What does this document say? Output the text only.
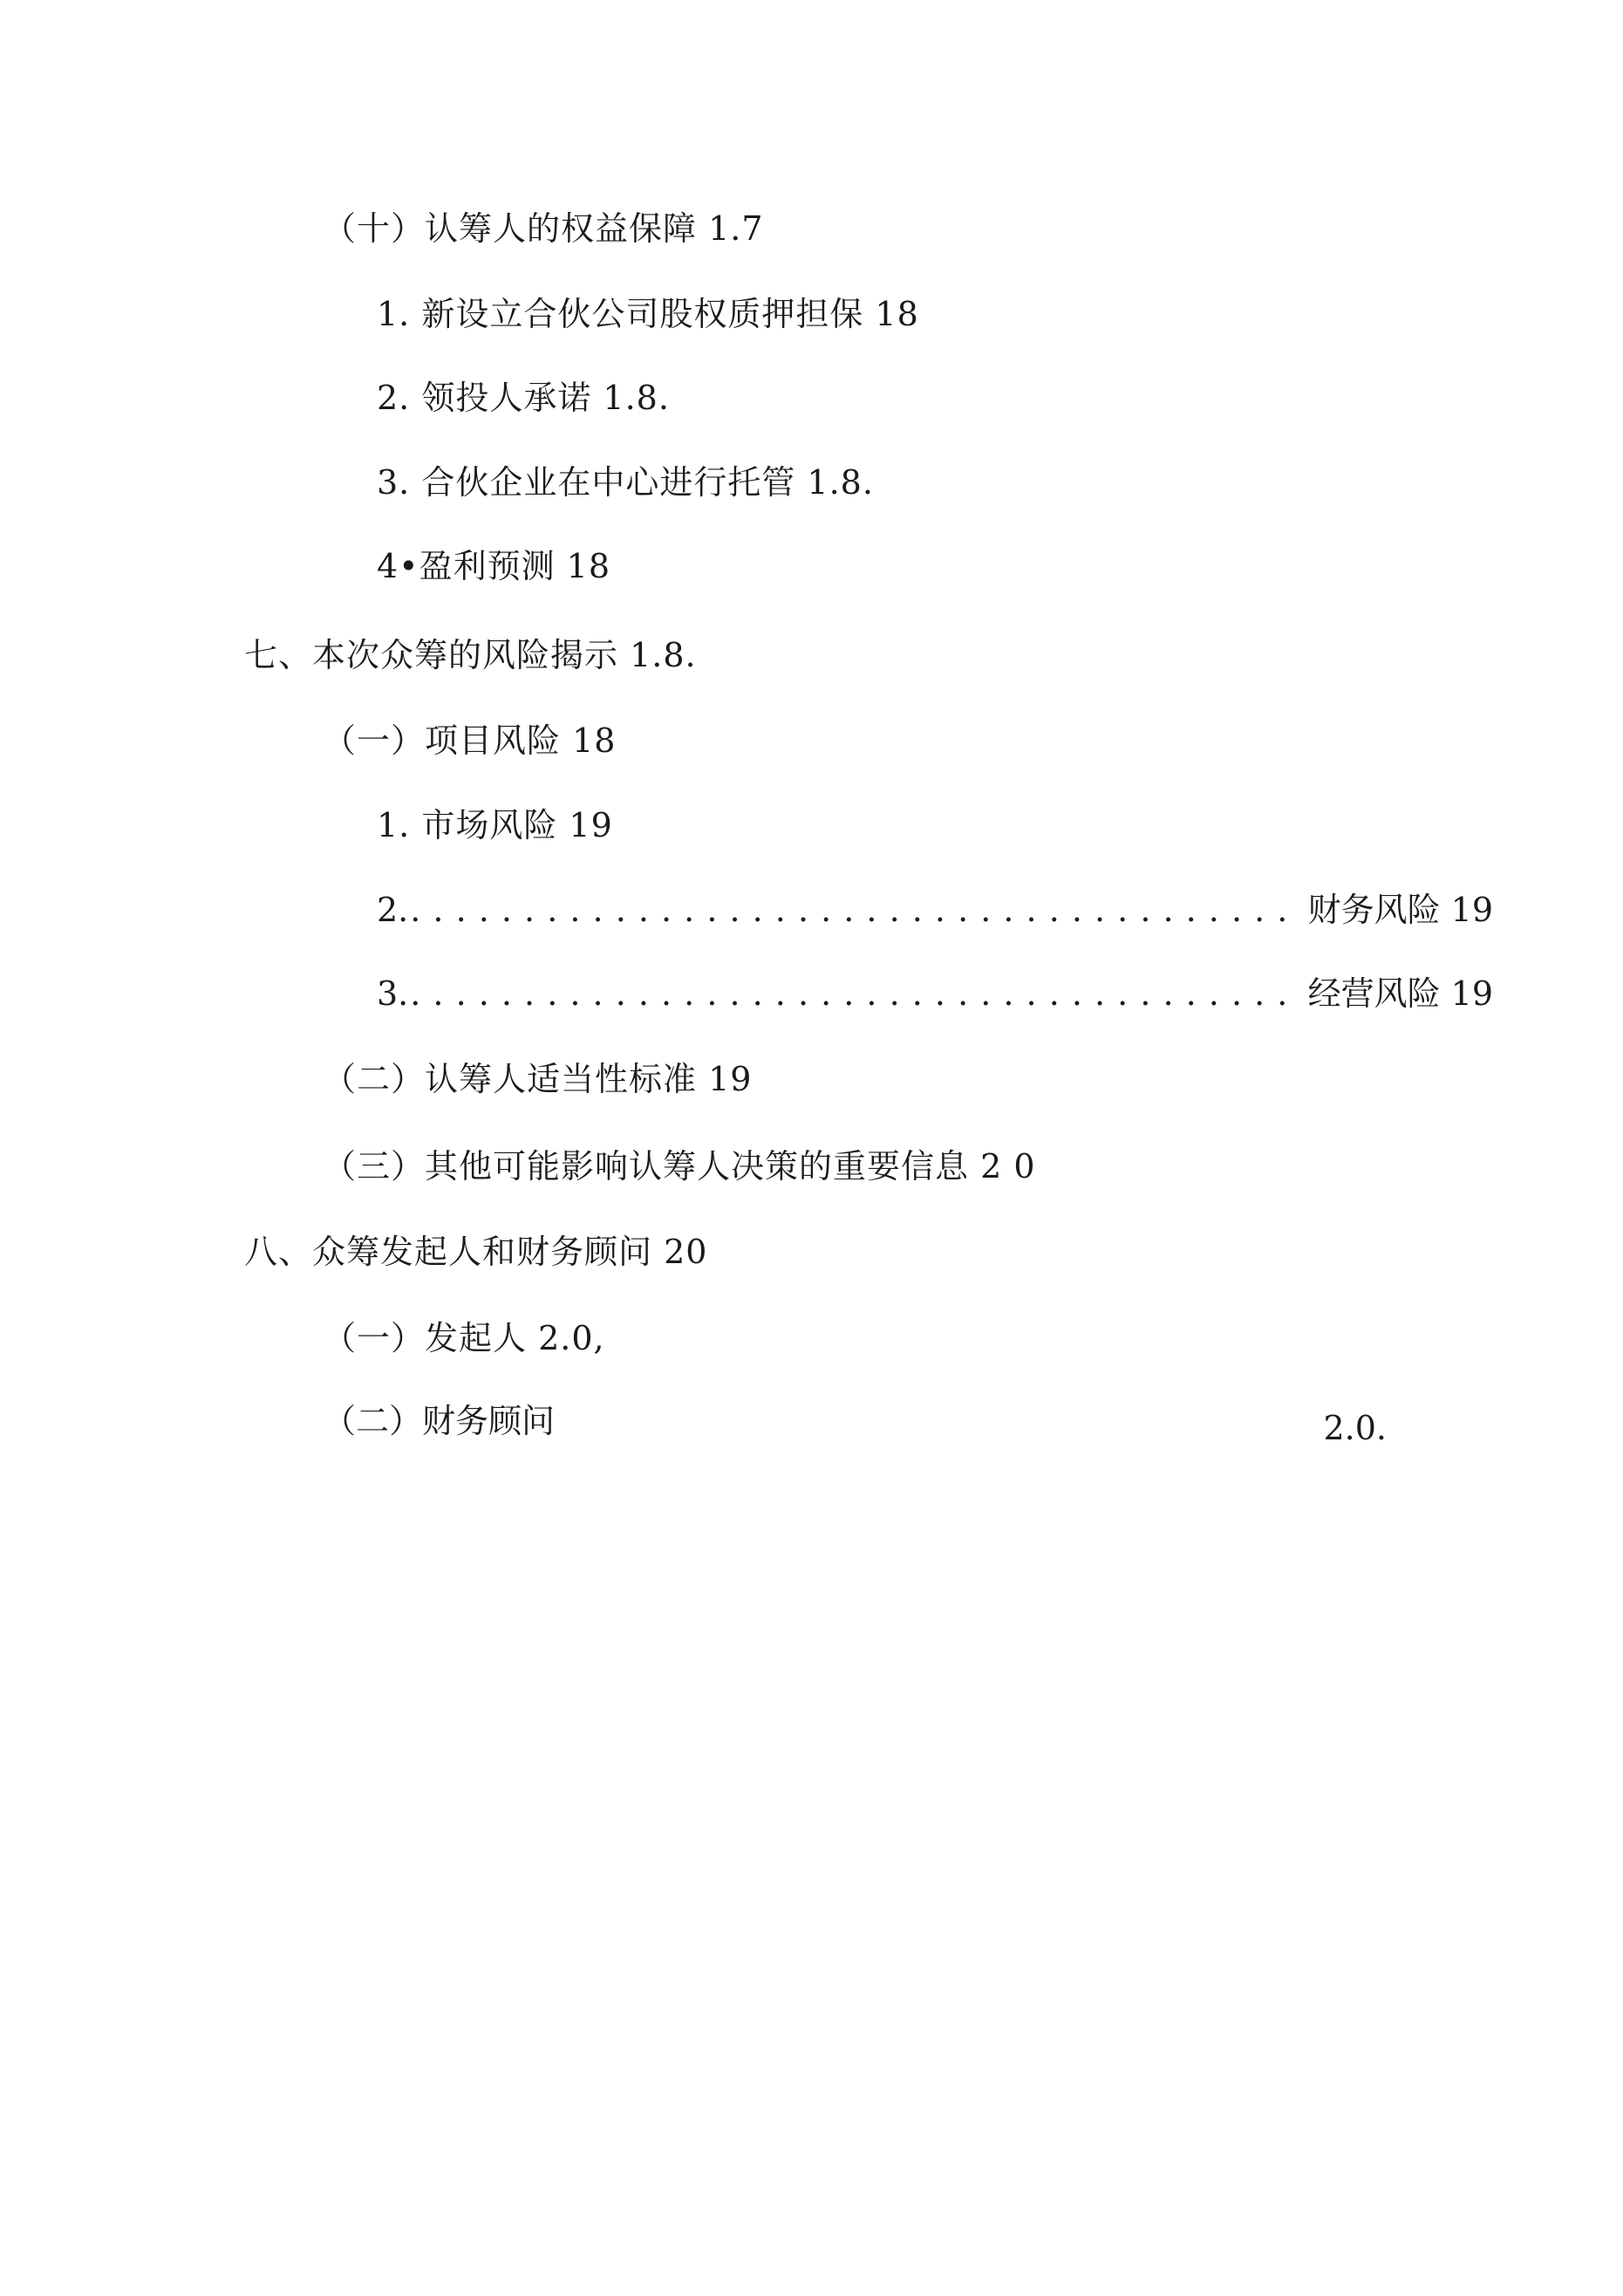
（十）认筹人的权益保障 1.7
1. 新设立合伙公司股权质押担保 18
2. 领投人承诺 1.8.
3. 合伙企业在中心进行托管 1.8.
4•盈利预测 18
七、本次众筹的风险揭示 1.8.
（一）项目风险 18
1. 市场风险 19
2. . . .	财务风险 19
3. . . .	经营风险 19
（二）认筹人适当性标准 19
（三）其他可能影响认筹人决策的重要信息 2 0
八、众筹发起人和财务顾问 20
（一）发起人 2.0,
（二）财务顾问	2.0.
